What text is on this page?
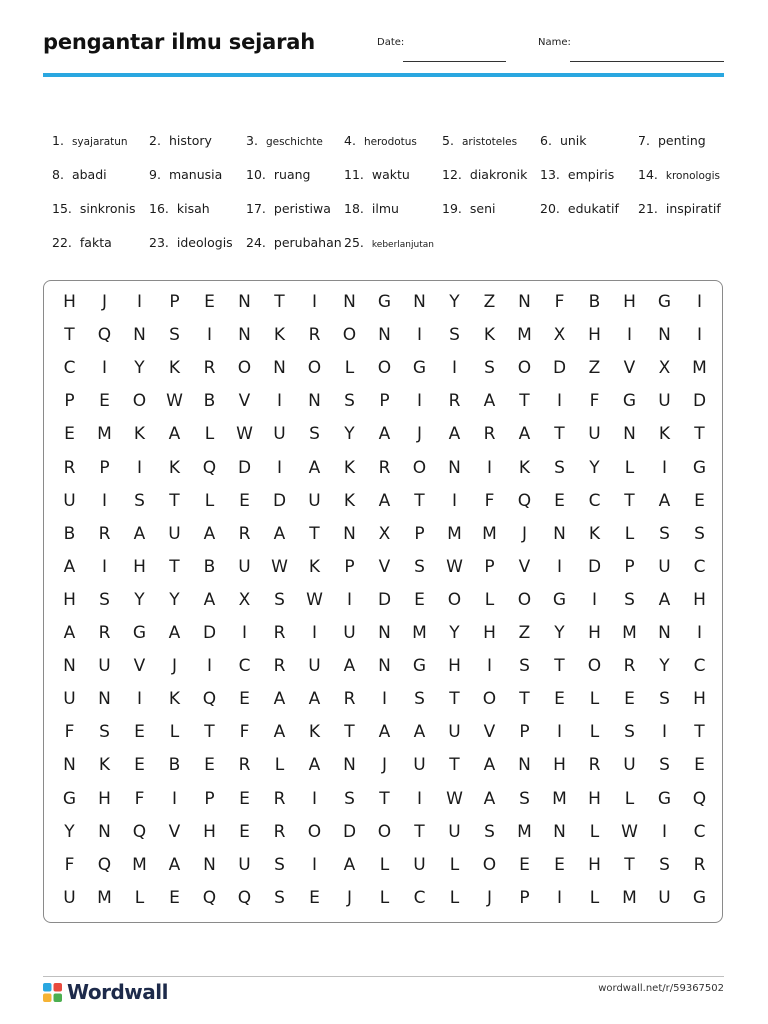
pengantar ilmu sejarah	Date:	Name:
1. syajaratun 2. history	3. geschichte 4. herodotus 5. aristoteles 6. unik	7. penting
8. abadi	9. manusia 10. ruang	11. waktu	12. diakronik 13. empiris 14. kronologis
15. sinkronis 16. kisah	17. peristiwa 18. ilmu	19. seni	20. edukatif 21. inspiratif
22. fakta	23. ideologis 24. perubahan 25. keberlanjutan
H	J	I	P	E	N	T	I	N	G	N	Y	Z	N	F	B	H	G	I
T	Q	N	S	I	N	K	R	O	N	I	S	K	M	X	H	I	N	I
C	I	Y	K	R	O	N	O	L	O	G	I	S	O	D	Z	V	X	M
P	E	O	W	B	V	I	N	S	P	I	R	A	T	I	F	G	U	D
E	M	K	A	L	W	U	S	Y	A	J	A	R	A	T	U	N	K	T
R	P	I	K	Q	D	I	A	K	R	O	N	I	K	S	Y	L	I	G
U	I	S	T	L	E	D	U	K	A	T	I	F	Q	E	C	T	A	E
B	R	A	U	A	R	A	T	N	X	P	M	M	J	N	K	L	S	S
A	I	H	T	B	U	W	K	P	V	S	W	P	V	I	D	P	U	C
H	S	Y	Y	A	X	S	W	I	D	E	O	L	O	G	I	S	A	H
A	R	G	A	D	I	R	I	U	N	M	Y	H	Z	Y	H	M	N	I
N	U	V	J	I	C	R	U	A	N	G	H	I	S	T	O	R	Y	C
U	N	I	K	Q	E	A	A	R	I	S	T	O	T	E	L	E	S	H
F	S	E	L	T	F	A	K	T	A	A	U	V	P	I	L	S	I	T
N	K	E	B	E	R	L	A	N	J	U	T	A	N	H	R	U	S	E
G	H	F	I	P	E	R	I	S	T	I	W	A	S	M	H	L	G	Q
Y	N	Q	V	H	E	R	O	D	O	T	U	S	M	N	L	W	I	C
F	Q	M	A	N	U	S	I	A	L	U	L	O	E	E	H	T	S	R
U	M	L	E	Q	Q	S	E	J	L	C	L	J	P	I	L	M	U	G
Wordwall	wordwall.net/r/59367502
